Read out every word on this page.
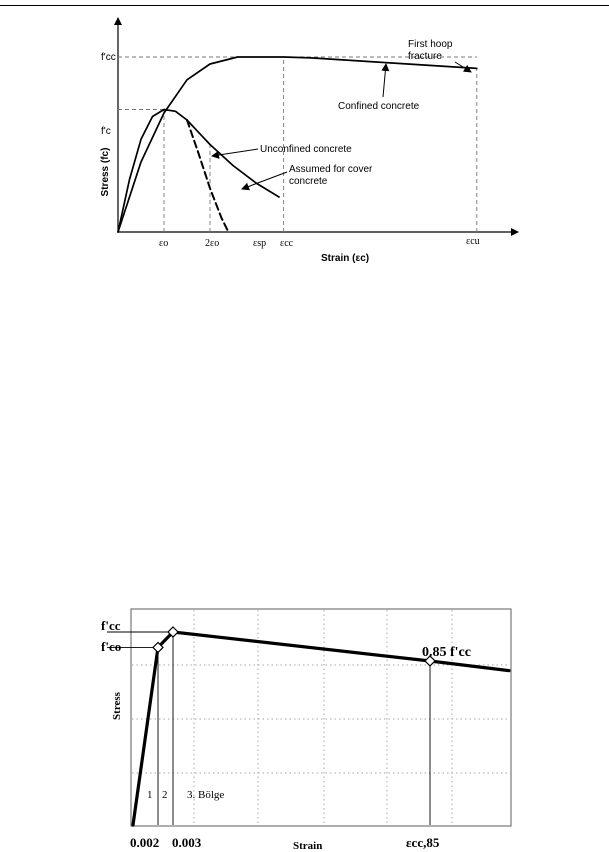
f'cc
f'c
εo	2εo	εsp εcc	εcu
Strain (εc)
Stress (fc)
First hoop fracture
Confined concrete
Unconfined concrete
Assumed for cover concrete
f'cc
f'co
0.002 0.003	εcc,85
Strain
Stress
0.85 f'cc
1 2 3. Bölge
